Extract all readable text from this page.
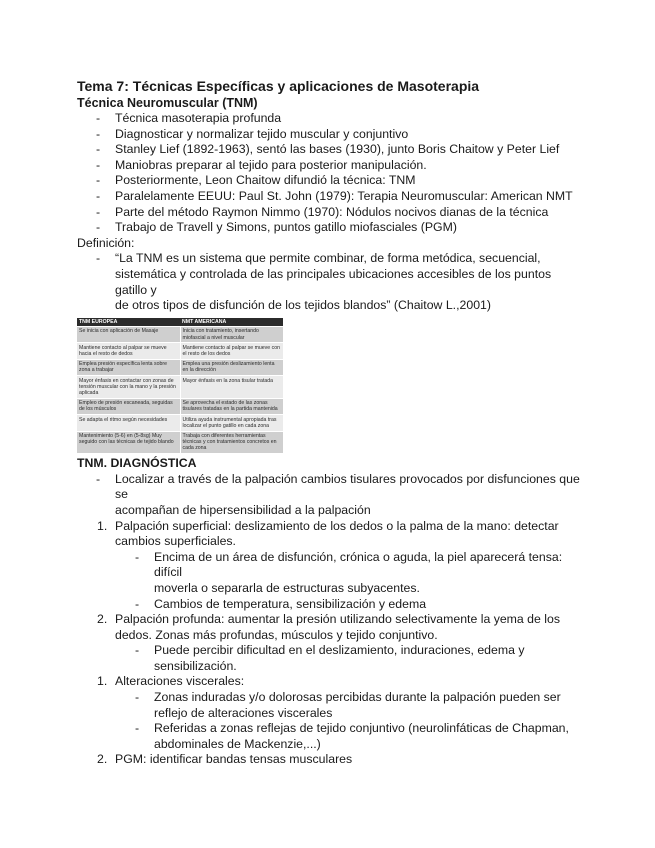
Tema 7: Técnicas Específicas y aplicaciones de Masoterapia
Técnica Neuromuscular (TNM)
- Técnica masoterapia profunda
- Diagnosticar y normalizar tejido muscular y conjuntivo
- Stanley Lief (1892-1963), sentó las bases (1930), junto Boris Chaitow y Peter Lief
- Maniobras preparar al tejido para posterior manipulación.
- Posteriormente, Leon Chaitow difundió la técnica: TNM
- Paralelamente EEUU: Paul St. John (1979): Terapia Neuromuscular: American NMT
- Parte del método Raymon Nimmo (1970): Nódulos nocivos dianas de la técnica
- Trabajo de Travell y Simons, puntos gatillo miofasciales (PGM)
Definición:
- “La TNM es un sistema que permite combinar, de forma metódica, secuencial,
sistemática y controlada de las principales ubicaciones accesibles de los puntos gatillo y
de otros tipos de disfunción de los tejidos blandos” (Chaitow L.,2001)
TNM EUROPEA	NMT AMERICANA
Se inicia con aplicación de Masaje	Inicia con tratamiento, insertando miofascial a nivel muscular
Mantiene contacto al palpar se mueve hacia el resto de dedos	Mantiene contacto al palpar se mueve con el resto de los dedos
Emplea presión específica lenta sobre zona a trabajar	Emplea una presión deslizamiento lenta en la dirección
Mayor énfasis en contactar con zonas de tensión muscular con la mano y la presión aplicada	Mayor énfasis en la zona tisular tratada
Empleo de presión escaneada, seguidas de los músculos	Se aprovecha el estado de las zonas tisulares tratadas en la partida mantenida
Se adapta el ritmo según necesidades	Utiliza ayuda instrumental apropiada tras localizar el punto gatillo en cada zona
Mantenimiento (5-6) en (5-8sg) Muy seguido con las técnicas de tejido blando	Trabaja con diferentes herramientas técnicas y con tratamientos concretos en cada zona
TNM. DIAGNÓSTICA
- Localizar a través de la palpación cambios tisulares provocados por disfunciones que se
acompañan de hipersensibilidad a la palpación
1. Palpación superficial: deslizamiento de los dedos o la palma de la mano: detectar
cambios superficiales.
- Encima de un área de disfunción, crónica o aguda, la piel aparecerá tensa: difícil
moverla o separarla de estructuras subyacentes.
- Cambios de temperatura, sensibilización y edema
2. Palpación profunda: aumentar la presión utilizando selectivamente la yema de los
dedos. Zonas más profundas, músculos y tejido conjuntivo.
- Puede percibir dificultad en el deslizamiento, induraciones, edema y
sensibilización.
1. Alteraciones viscerales:
- Zonas induradas y/o dolorosas percibidas durante la palpación pueden ser
reflejo de alteraciones viscerales
- Referidas a zonas reflejas de tejido conjuntivo (neurolinfáticas de Chapman,
abdominales de Mackenzie,...)
2. PGM: identificar bandas tensas musculares
